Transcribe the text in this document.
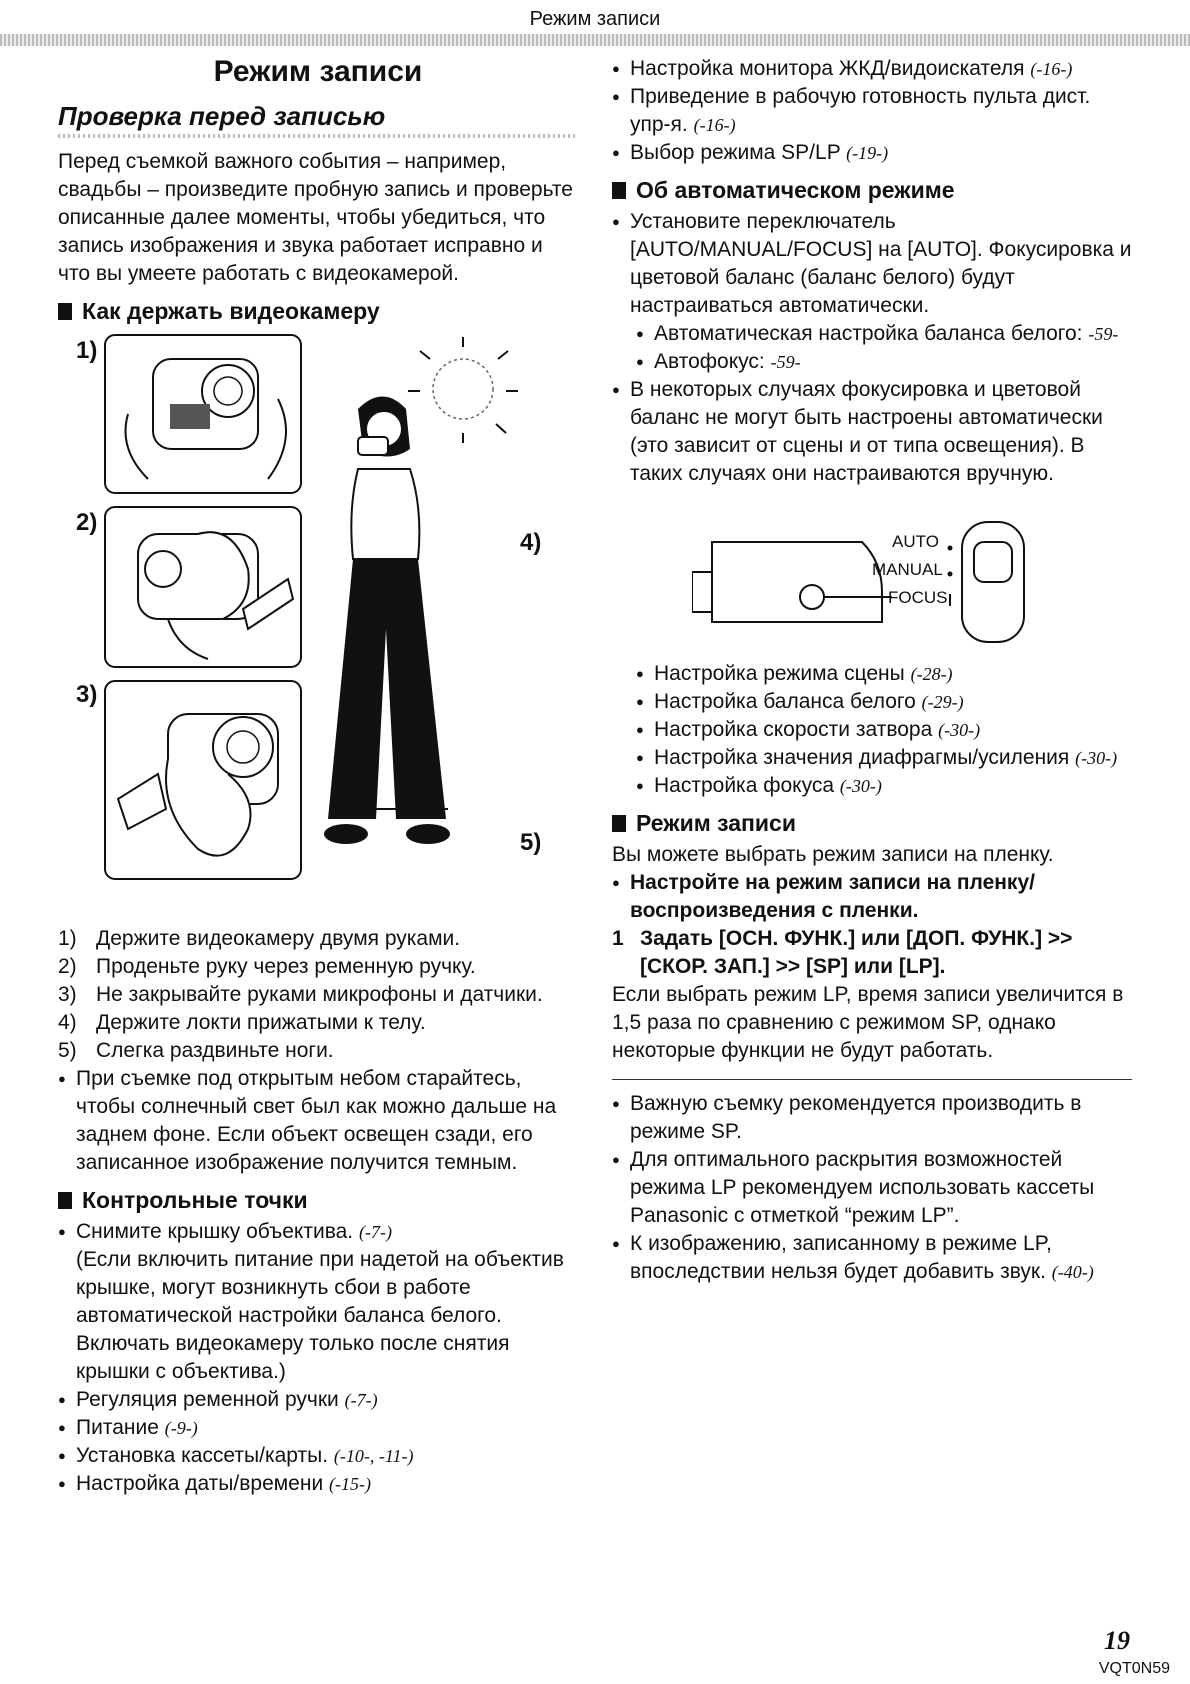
Режим записи
Режим записи
Проверка перед записью

Перед съемкой важного события – например, свадьбы – произведите пробную запись и проверьте описанные далее моменты, чтобы убедиться, что запись изображения и звука работает исправно и что вы умеете работать с видеокамерой.

Как держать видеокамеру
1)
2)
3)
4)
5)
1) Держите видеокамеру двумя руками.
2) Проденьте руку через ременную ручку.
3) Не закрывайте руками микрофоны и датчики.
4) Держите локти прижатыми к телу.
5) Слегка раздвиньте ноги.
● При съемке под открытым небом старайтесь, чтобы солнечный свет был как можно дальше на заднем фоне. Если объект освещен сзади, его записанное изображение получится темным.
Контрольные точки
● Снимите крышку объектива. (-7-)

(Если включить питание при надетой на объектив крышке, могут возникнуть сбои в работе автоматической настройки баланса белого. Включать видеокамеру только после снятия крышки с объектива.)

● Регуляция ременной ручки (-7-)
● Питание (-9-)
● Установка кассеты/карты. (-10-, -11-)
● Настройка даты/времени (-15-)
● Настройка монитора ЖКД/видоискателя (-16-)
● Приведение в рабочую готовность пульта дист. упр-я. (-16-)
● Выбор режима SP/LP (-19-)
Об автоматическом режиме
● Установите переключатель [AUTO/MANUAL/FOCUS] на [AUTO]. Фокусировка и цветовой баланс (баланс белого) будут настраиваться автоматически.
● Автоматическая настройка баланса белого: -59-
● Автофокус: -59-
● В некоторых случаях фокусировка и цветовой баланс не могут быть настроены автоматически (это зависит от сцены и от типа освещения). В таких случаях они настраиваются вручную.
AUTO
MANUAL
FOCUS
● Настройка режима сцены (-28-)
● Настройка баланса белого (-29-)
● Настройка скорости затвора (-30-)
● Настройка значения диафрагмы/усиления (-30-)
● Настройка фокуса (-30-)
Режим записи

Вы можете выбрать режим записи на пленку.

● Настройте на режим записи на пленку/ воспроизведения с пленки.
1 Задать [ОСН. ФУНК.] или [ДОП. ФУНК.] >> [СКОР. ЗАП.] >> [SP] или [LP].

Если выбрать режим LP, время записи увеличится в 1,5 раза по сравнению с режимом SP, однако некоторые функции не будут работать.

● Важную съемку рекомендуется производить в режиме SP.
● Для оптимального раскрытия возможностей режима LP рекомендуем использовать кассеты Panasonic с отметкой “режим LP”.
● К изображению, записанному в режиме LP, впоследствии нельзя будет добавить звук. (-40-)
19
VQT0N59
